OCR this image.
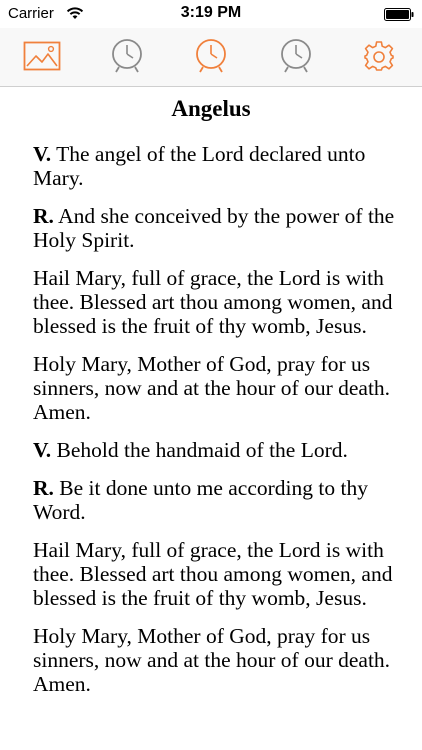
Carrier	3:19 PM
Angelus
V. The angel of the Lord declared unto Mary.
R. And she conceived by the power of the Holy Spirit.
Hail Mary, full of grace, the Lord is with thee. Blessed art thou among women, and blessed is the fruit of thy womb, Jesus.
Holy Mary, Mother of God, pray for us sinners, now and at the hour of our death. Amen.
V. Behold the handmaid of the Lord.
R. Be it done unto me according to thy Word.
Hail Mary, full of grace, the Lord is with thee. Blessed art thou among women, and blessed is the fruit of thy womb, Jesus.
Holy Mary, Mother of God, pray for us sinners, now and at the hour of our death. Amen.
